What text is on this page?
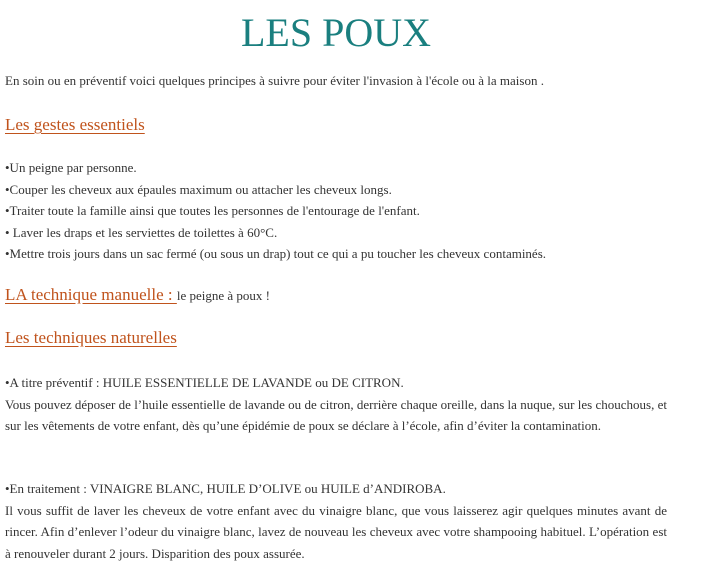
LES POUX

En soin ou en préventif voici quelques principes à suivre pour éviter l'invasion à l'école ou à la maison .

Les gestes essentiels
•Un peigne par personne.
•Couper les cheveux aux épaules maximum ou attacher les cheveux longs.
•Traiter toute la famille ainsi que toutes les personnes de l'entourage de l'enfant.
• Laver les draps et les serviettes de toilettes à 60°C.
•Mettre trois jours dans un sac fermé (ou sous un drap) tout ce qui a pu toucher les cheveux contaminés.
LA technique manuelle : le peigne à poux !
Les techniques naturelles

•A titre préventif : HUILE ESSENTIELLE DE LAVANDE ou DE CITRON.
Vous pouvez déposer de l’huile essentielle de lavande ou de citron, derrière chaque oreille, dans la nuque, sur les chouchous, et sur les vêtements de votre enfant, dès qu’une épidémie de poux se déclare à l’école, afin d’éviter la contamination.

•En traitement : VINAIGRE BLANC, HUILE D’OLIVE ou HUILE d’ANDIROBA.
Il vous suffit de laver les cheveux de votre enfant avec du vinaigre blanc, que vous laisserez agir quelques minutes avant de rincer. Afin d’enlever l’odeur du vinaigre blanc, lavez de nouveau les cheveux avec votre shampooing habituel. L’opération est à renouveler durant 2 jours. Disparition des poux assurée.
